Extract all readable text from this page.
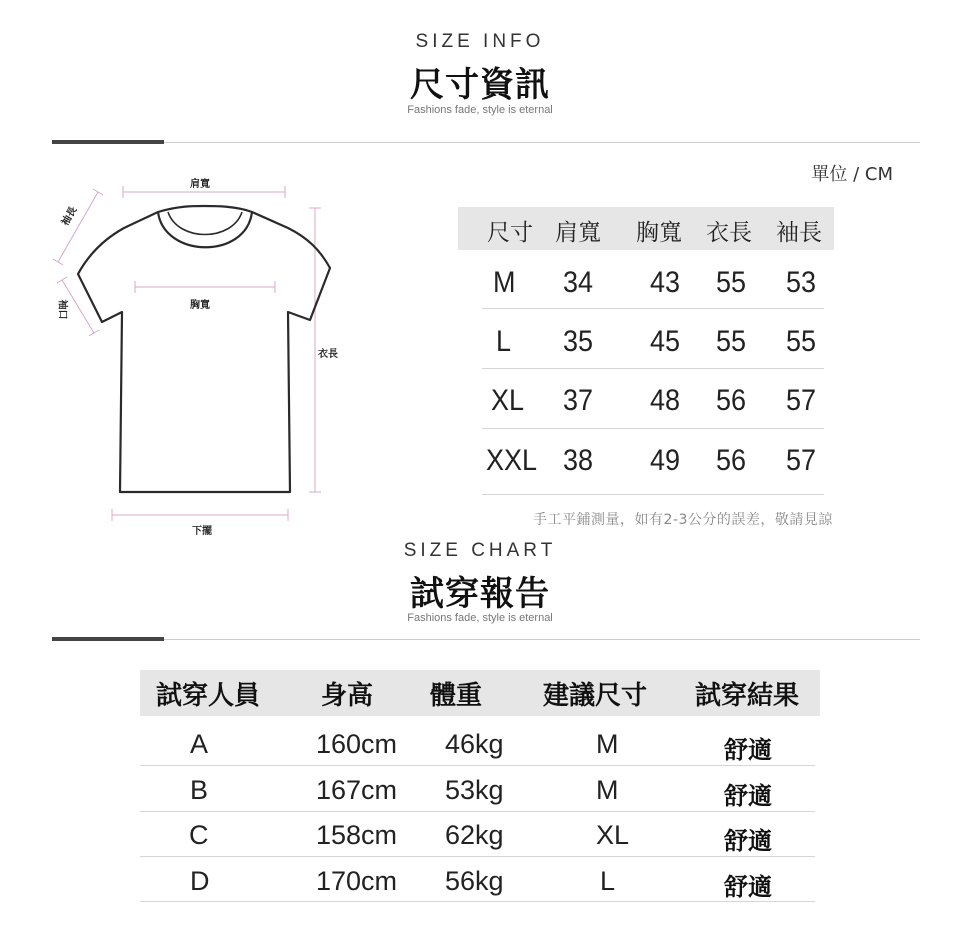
SIZE INFO
尺寸資訊
Fashions fade, style is eternal
肩寬
胸寬
衣長
下擺
袖長
袖口
單位 / CM
尺寸 肩寬 胸寬 衣長 袖長
M 34 43 55 53
L 35 45 55 55
XL 37 48 56 57
XXL 38 49 56 57
手工平鋪測量，如有2-3公分的誤差，敬請見諒
SIZE CHART
試穿報告
Fashions fade, style is eternal
試穿人員 身高 體重 建議尺寸 試穿結果
A	160cm 46kg	M	舒適
B	167cm 53kg	M	舒適
C	158cm 62kg	XL	舒適
D	170cm 56kg	L	舒適
